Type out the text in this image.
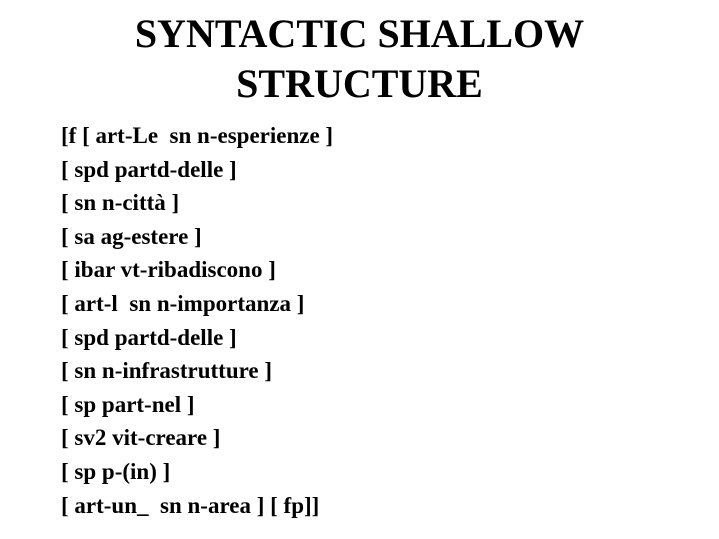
SYNTACTIC SHALLOW
STRUCTURE
[f [ art-Le  sn n-esperienze ]
[ spd partd-delle ]
[ sn n-città ]
[ sa ag-estere ]
[ ibar vt-ribadiscono ]
[ art-l  sn n-importanza ]
[ spd partd-delle ]
[ sn n-infrastrutture ]
[ sp part-nel ]
[ sv2 vit-creare ]
[ sp p-(in) ]
[ art-un_  sn n-area ] [ fp]]
